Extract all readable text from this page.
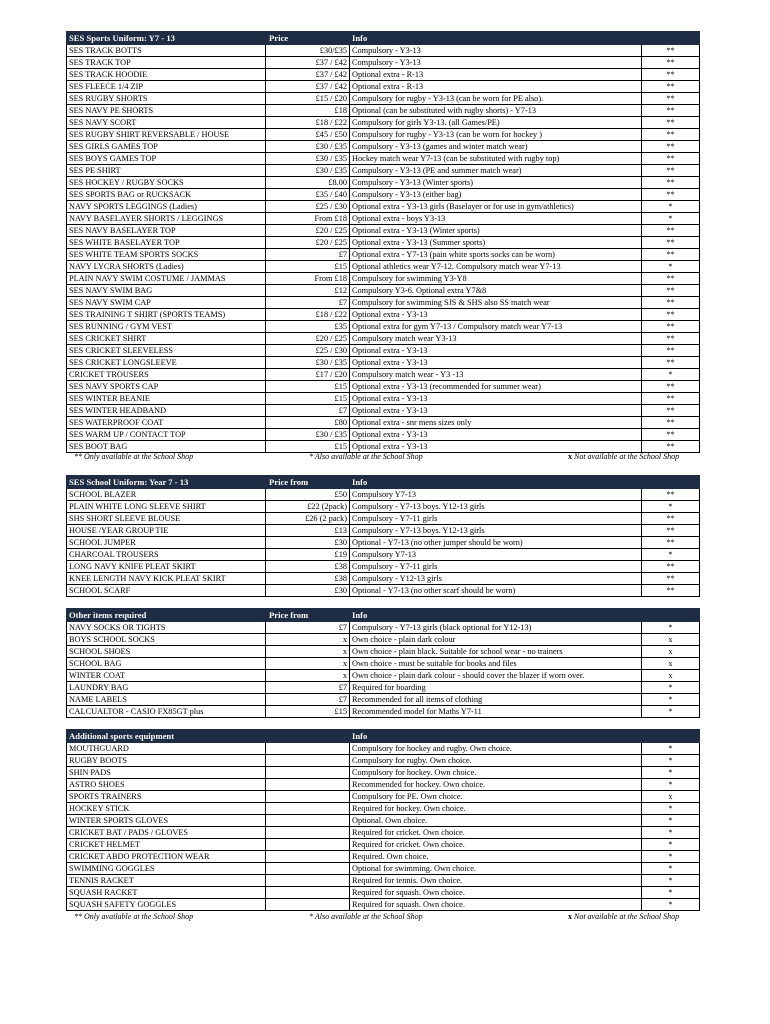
SES Sports Uniform: Y7 - 13	Price	Info	
SES TRACK BOTTS	£30/£35	Compulsory - Y3-13	**
SES TRACK TOP	£37 / £42	Compulsory - Y3-13	**
SES TRACK HOODIE	£37 / £42	Optional extra - R-13	**
SES FLEECE 1/4 ZIP	£37 / £42	Optional extra - R-13	**
SES RUGBY SHORTS	£15 / £20	Compulsory for rugby - Y3-13 (can be worn for PE also).	**
SES NAVY PE SHORTS	£18	Optional (can be substituted with rugby shorts) - Y7-13	**
SES NAVY SCORT	£18 / £22	Compulsory for girls Y3-13. (all Games/PE)	**
SES RUGBY SHIRT REVERSABLE / HOUSE	£45 / £50	Compulsory for rugby - Y3-13 (can be worn for hockey )	**
SES GIRLS GAMES TOP	£30 / £35	Compulsory - Y3-13 (games and winter match wear)	**
SES BOYS GAMES TOP	£30 / £35	Hockey match wear Y7-13 (can be substituted with rugby top)	**
SES PE SHIRT	£30 / £35	Compulsory - Y3-13 (PE and summer match wear)	**
SES HOCKEY / RUGBY SOCKS	£8.00	Compulsory - Y3-13 (Winter sports)	**
SES SPORTS BAG or RUCKSACK	£35 / £40	Compulsory - Y3-13 (either bag)	**
NAVY SPORTS LEGGINGS (Ladies)	£25 / £30	Optional extra - Y3-13 girls (Baselayer or for use in gym/athletics)	*
NAVY BASELAYER SHORTS / LEGGINGS	From £18	Optional extra - boys Y3-13	*
SES NAVY BASELAYER TOP	£20 / £25	Optional extra - Y3-13 (Winter sports)	**
SES WHITE BASELAYER TOP	£20 / £25	Optional extra - Y3-13 (Summer sports)	**
SES WHITE TEAM SPORTS SOCKS	£7	Optional extra - Y7-13 (pain white sports socks can be worn)	**
NAVY LYCRA SHORTS (Ladies)	£15	Optional athletics wear Y7-12. Compulsory match wear Y7-13	*
PLAIN NAVY SWIM COSTUME / JAMMAS	From £18	Compulsory for swimming Y3-Y8	**
SES NAVY SWIM BAG	£12	Compulsory Y3-6. Optional extra Y7&8	**
SES NAVY SWIM CAP	£7	Compulsory for swimming SJS & SHS also SS match wear	**
SES TRAINING T SHIRT (SPORTS TEAMS)	£18 / £22	Optional extra - Y3-13	**
SES RUNNING / GYM VEST	£35	Optional extra for gym Y7-13 / Compulsory match wear Y7-13	**
SES CRICKET SHIRT	£20 / £25	Compulsory match wear Y3-13	**
SES CRICKET SLEEVELESS	£25 / £30	Optional extra - Y3-13	**
SES CRICKET LONGSLEEVE	£30 / £35	Optional extra - Y3-13	**
CRICKET TROUSERS	£17 / £20	Compulsory match wear - Y3 -13	*
SES NAVY SPORTS CAP	£15	Optional extra - Y3-13 (recommended for summer wear)	**
SES WINTER BEANIE	£15	Optional extra - Y3-13	**
SES WINTER HEADBAND	£7	Optional extra - Y3-13	**
SES WATERPROOF COAT	£80	Optional extra - snr mens sizes only	**
SES WARM UP / CONTACT TOP	£30 / £35	Optional extra - Y3-13	**
SES BOOT BAG	£15	Optional extra - Y3-13	**
** Only available at the School Shop	* Also available at the School Shop	x Not available at the School Shop
SES School Uniform: Year 7 - 13	Price from	Info	
SCHOOL BLAZER	£50	Compulsory Y7-13	**
PLAIN WHITE LONG SLEEVE SHIRT	£22 (2pack)	Compulsory - Y7-13 boys. Y12-13 girls	*
SHS SHORT SLEEVE BLOUSE	£26 (2 pack)	Compulsory - Y7-11 girls	**
HOUSE /YEAR GROUP TIE	£13	Compulsory - Y7-13 boys. Y12-13 girls	**
SCHOOL JUMPER	£30	Optional - Y7-13 (no other jumper should be worn)	**
CHARCOAL TROUSERS	£19	Compulsory Y7-13	*
LONG NAVY KNIFE PLEAT SKIRT	£38	Compulsory - Y7-11 girls	**
KNEE LENGTH NAVY KICK PLEAT SKIRT	£38	Compulsory - Y12-13 girls	**
SCHOOL SCARF	£30	Optional - Y7-13 (no other scarf should be worn)	**
Other items required	Price from	Info	
NAVY SOCKS OR TIGHTS	£7	Compulsory - Y7-13 girls (black optional for Y12-13)	*
BOYS SCHOOL SOCKS	x	Own choice - plain dark colour	x
SCHOOL SHOES	x	Own choice - plain black. Suitable for school wear - no trainers	x
SCHOOL BAG	x	Own choice - must be suitable for books and files	x
WINTER COAT	x	Own choice - plain dark colour - should cover the blazer if worn over.	x
LAUNDRY BAG	£7	Required for boarding	*
NAME LABELS	£7	Recommended for all items of clothing	*
CALCUALTOR - CASIO FX85GT plus	£15	Recommended model for Maths Y7-11	*
Additional sports equipment		Info	
MOUTHGUARD		Compulsory for hockey and rugby. Own choice.	*
RUGBY BOOTS		Compulsory for rugby. Own choice.	*
SHIN PADS		Compulsory for hockey. Own choice.	*
ASTRO SHOES		Recommended for hockey. Own choice.	*
SPORTS TRAINERS		Compulsory for PE. Own choice.	x
HOCKEY STICK		Required for hockey. Own choice.	*
WINTER SPORTS GLOVES		Optional. Own choice.	*
CRICKET BAT / PADS / GLOVES		Required for cricket. Own choice.	*
CRICKET HELMET		Required for cricket. Own choice.	*
CRICKET ABDO PROTECTION WEAR		Required. Own choice.	*
SWIMMING GOGGLES		Optional for swimming. Own choice.	*
TENNIS RACKET		Required for tennis. Own choice.	*
SQUASH RACKET		Required for squash. Own choice.	*
SQUASH SAFETY GOGGLES		Required for squash. Own choice.	*
** Only available at the School Shop	* Also available at the School Shop	x Not available at the School Shop
